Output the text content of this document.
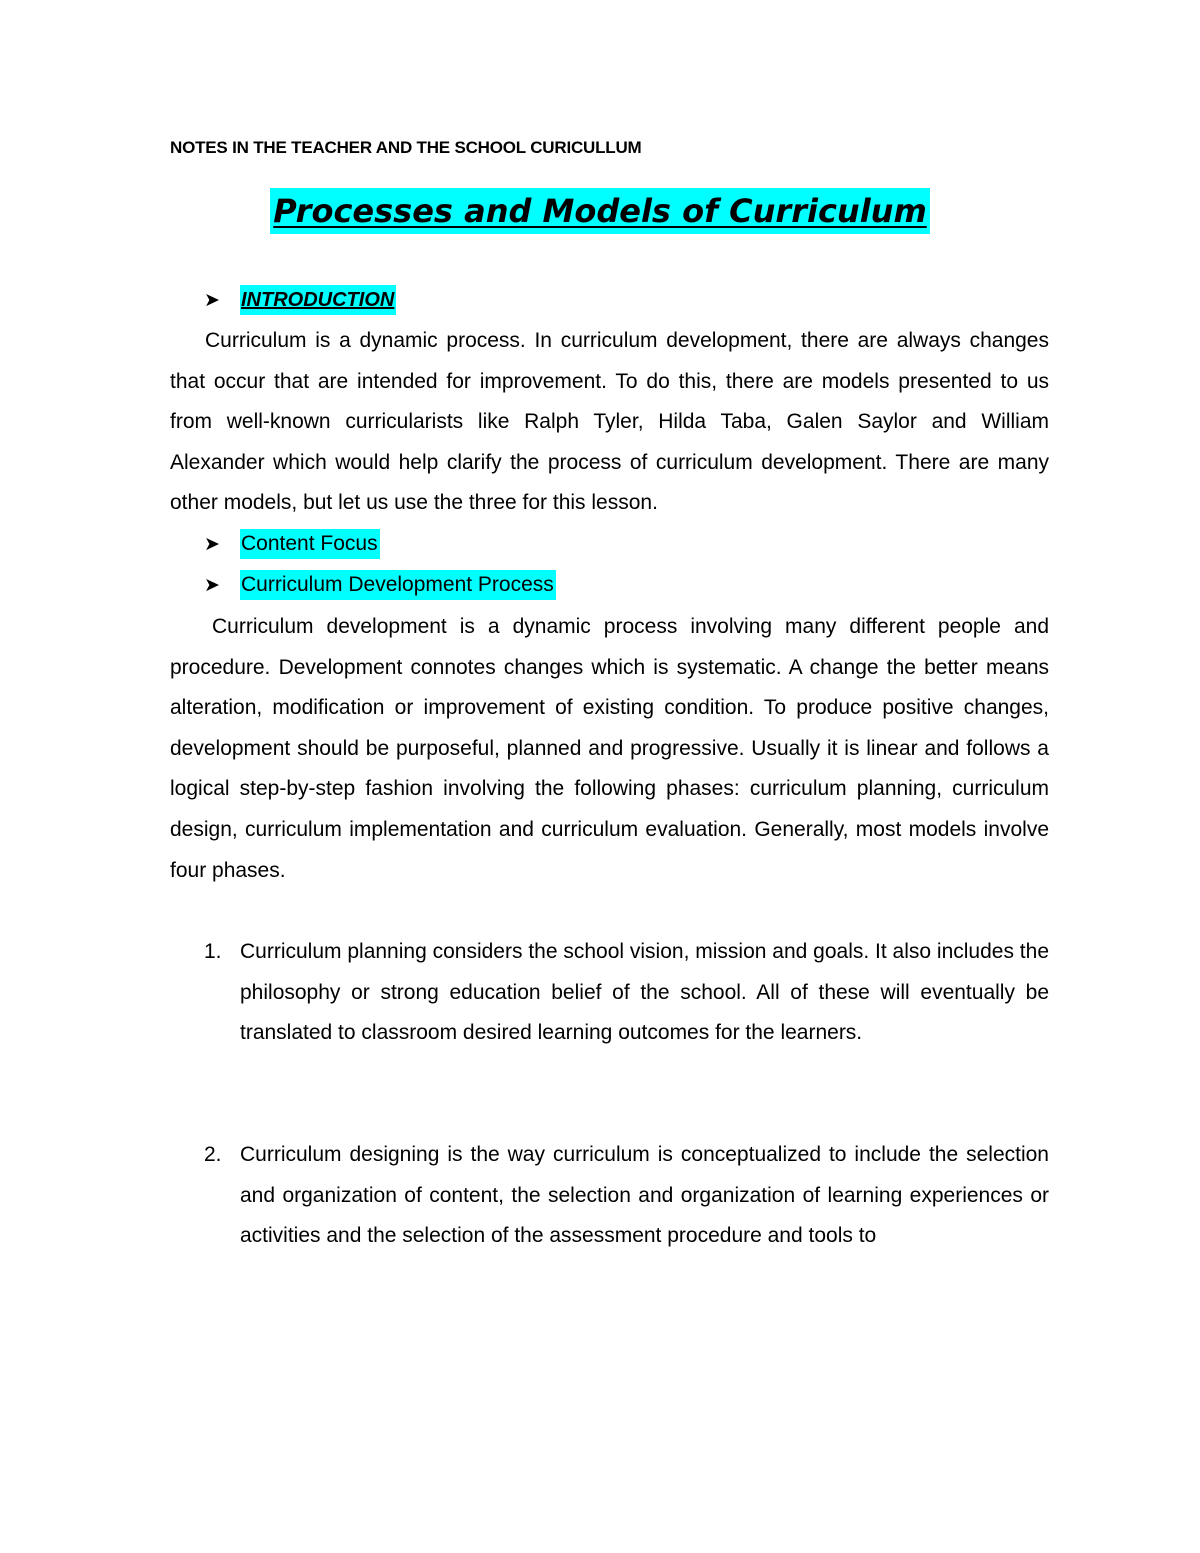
NOTES IN THE TEACHER AND THE SCHOOL CURICULLUM
Processes and Models of Curriculum
➤ INTRODUCTION

Curriculum is a dynamic process. In curriculum development, there are always changes that occur that are intended for improvement. To do this, there are models presented to us from well-known curricularists like Ralph Tyler, Hilda Taba, Galen Saylor and William Alexander which would help clarify the process of curriculum development. There are many other models, but let us use the three for this lesson.

➤ Content Focus
➤ Curriculum Development Process

Curriculum development is a dynamic process involving many different people and procedure. Development connotes changes which is systematic. A change the better means alteration, modification or improvement of existing condition. To produce positive changes, development should be purposeful, planned and progressive. Usually it is linear and follows a logical step-by-step fashion involving the following phases: curriculum planning, curriculum design, curriculum implementation and curriculum evaluation. Generally, most models involve four phases.

1. Curriculum planning considers the school vision, mission and goals. It also includes the philosophy or strong education belief of the school. All of these will eventually be translated to classroom desired learning outcomes for the learners.
2. Curriculum designing is the way curriculum is conceptualized to include the selection and organization of content, the selection and organization of learning experiences or activities and the selection of the assessment procedure and tools to
